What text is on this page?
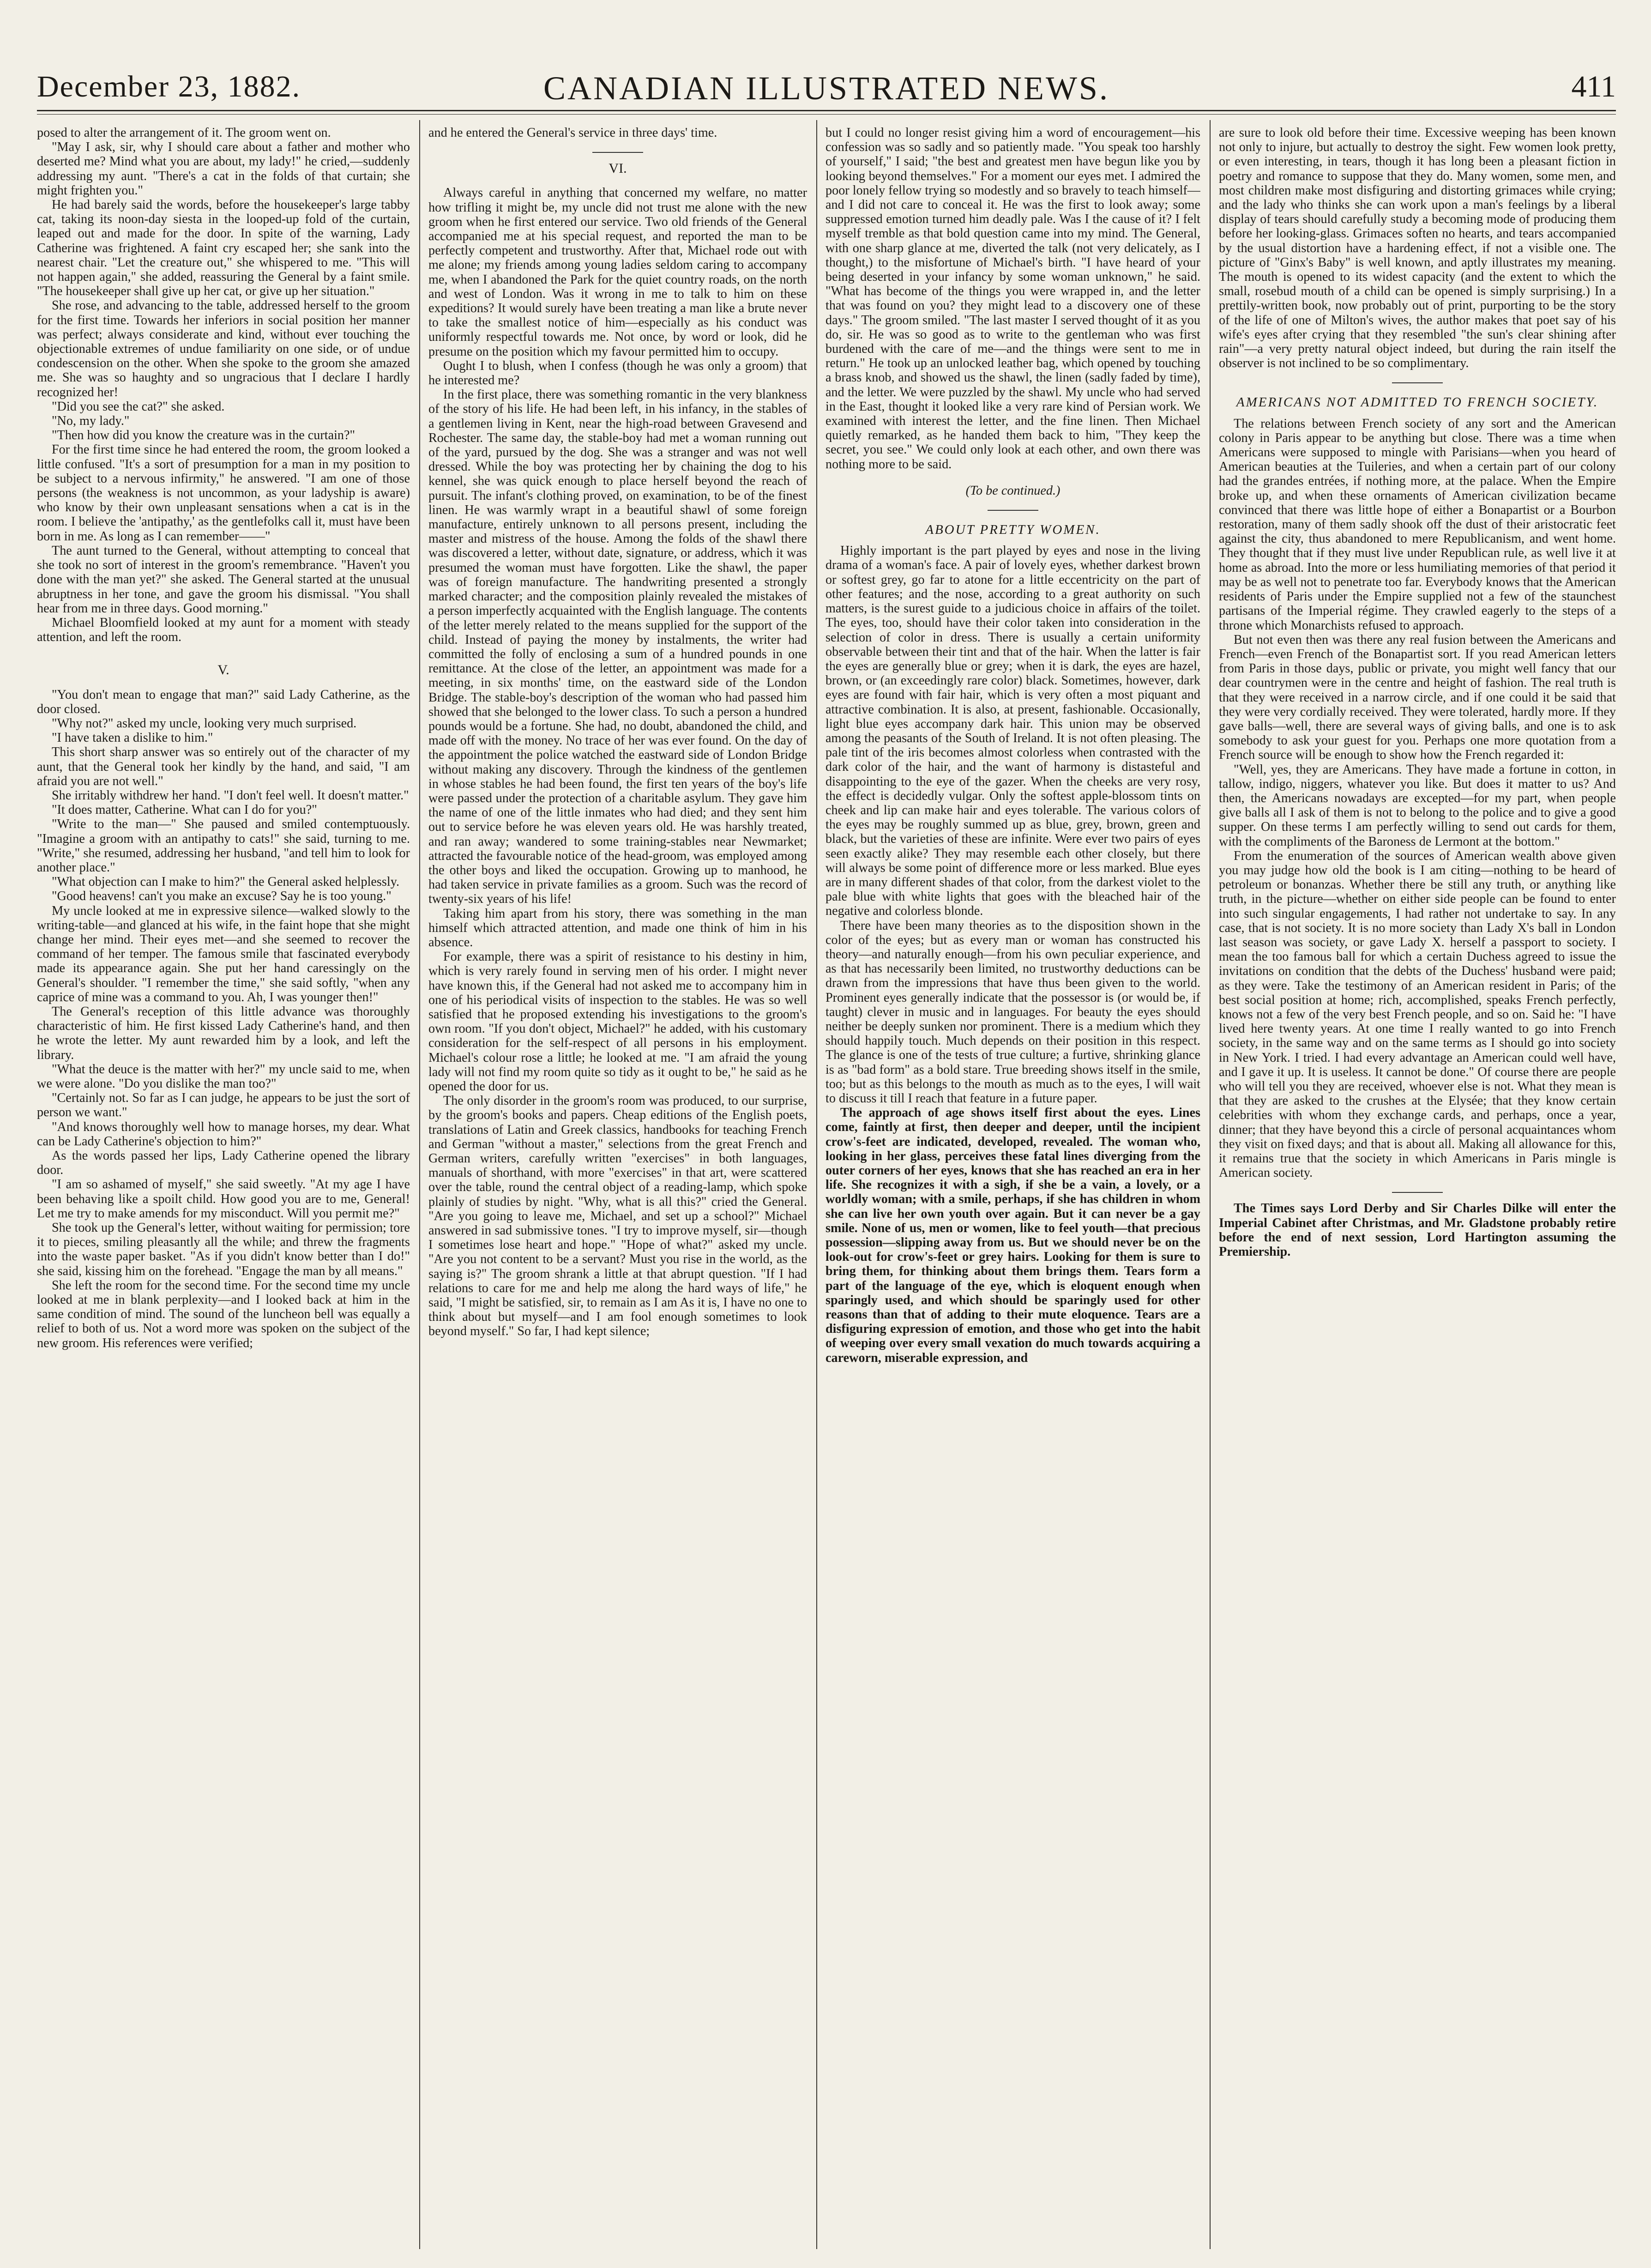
CANADIAN ILLUSTRATED NEWS.
December 23, 1882.	411

posed to alter the arrangement of it. The groom went on.

"May I ask, sir, why I should care about a father and mother who deserted me? Mind what you are about, my lady!" he cried,—suddenly addressing my aunt. "There's a cat in the folds of that curtain; she might frighten you."

He had barely said the words, before the housekeeper's large tabby cat, taking its noon-day siesta in the looped-up fold of the curtain, leaped out and made for the door. In spite of the warning, Lady Catherine was frightened. A faint cry escaped her; she sank into the nearest chair. "Let the creature out," she whispered to me. "This will not happen again," she added, reassuring the General by a faint smile. "The housekeeper shall give up her cat, or give up her situation."

She rose, and advancing to the table, addressed herself to the groom for the first time. Towards her inferiors in social position her manner was perfect; always considerate and kind, without ever touching the objectionable extremes of undue familiarity on one side, or of undue condescension on the other. When she spoke to the groom she amazed me. She was so haughty and so ungracious that I declare I hardly recognized her!

"Did you see the cat?" she asked.

"No, my lady."

"Then how did you know the creature was in the curtain?"

For the first time since he had entered the room, the groom looked a little confused. "It's a sort of presumption for a man in my position to be subject to a nervous infirmity," he answered. "I am one of those persons (the weakness is not uncommon, as your ladyship is aware) who know by their own unpleasant sensations when a cat is in the room. I believe the 'antipathy,' as the gentlefolks call it, must have been born in me. As long as I can remember——"

The aunt turned to the General, without attempting to conceal that she took no sort of interest in the groom's remembrance. "Haven't you done with the man yet?" she asked. The General started at the unusual abruptness in her tone, and gave the groom his dismissal. "You shall hear from me in three days. Good morning."

Michael Bloomfield looked at my aunt for a moment with steady attention, and left the room.

V.

"You don't mean to engage that man?" said Lady Catherine, as the door closed.

"Why not?" asked my uncle, looking very much surprised.

"I have taken a dislike to him."

This short sharp answer was so entirely out of the character of my aunt, that the General took her kindly by the hand, and said, "I am afraid you are not well."

She irritably withdrew her hand. "I don't feel well. It doesn't matter."

"It does matter, Catherine. What can I do for you?"

"Write to the man—" She paused and smiled contemptuously. "Imagine a groom with an antipathy to cats!" she said, turning to me. "Write," she resumed, addressing her husband, "and tell him to look for another place."

"What objection can I make to him?" the General asked helplessly.

"Good heavens! can't you make an excuse? Say he is too young."

My uncle looked at me in expressive silence—walked slowly to the writing-table—and glanced at his wife, in the faint hope that she might change her mind. Their eyes met—and she seemed to recover the command of her temper. The famous smile that fascinated everybody made its appearance again. She put her hand caressingly on the General's shoulder. "I remember the time," she said softly, "when any caprice of mine was a command to you. Ah, I was younger then!"

The General's reception of this little advance was thoroughly characteristic of him. He first kissed Lady Catherine's hand, and then he wrote the letter. My aunt rewarded him by a look, and left the library.

"What the deuce is the matter with her?" my uncle said to me, when we were alone. "Do you dislike the man too?"

"Certainly not. So far as I can judge, he appears to be just the sort of person we want."

"And knows thoroughly well how to manage horses, my dear. What can be Lady Catherine's objection to him?"

As the words passed her lips, Lady Catherine opened the library door.

"I am so ashamed of myself," she said sweetly. "At my age I have been behaving like a spoilt child. How good you are to me, General! Let me try to make amends for my misconduct. Will you permit me?"

She took up the General's letter, without waiting for permission; tore it to pieces, smiling pleasantly all the while; and threw the fragments into the waste paper basket. "As if you didn't know better than I do!" she said, kissing him on the forehead. "Engage the man by all means."

She left the room for the second time. For the second time my uncle looked at me in blank perplexity—and I looked back at him in the same condition of mind. The sound of the luncheon bell was equally a relief to both of us. Not a word more was spoken on the subject of the new groom. His references were verified;

and he entered the General's service in three days' time.

VI.

Always careful in anything that concerned my welfare, no matter how trifling it might be, my uncle did not trust me alone with the new groom when he first entered our service. Two old friends of the General accompanied me at his special request, and reported the man to be perfectly competent and trustworthy. After that, Michael rode out with me alone; my friends among young ladies seldom caring to accompany me, when I abandoned the Park for the quiet country roads, on the north and west of London. Was it wrong in me to talk to him on these expeditions? It would surely have been treating a man like a brute never to take the smallest notice of him—especially as his conduct was uniformly respectful towards me. Not once, by word or look, did he presume on the position which my favour permitted him to occupy.

Ought I to blush, when I confess (though he was only a groom) that he interested me?

In the first place, there was something romantic in the very blankness of the story of his life. He had been left, in his infancy, in the stables of a gentlemen living in Kent, near the high-road between Gravesend and Rochester. The same day, the stable-boy had met a woman running out of the yard, pursued by the dog. She was a stranger and was not well dressed. While the boy was protecting her by chaining the dog to his kennel, she was quick enough to place herself beyond the reach of pursuit. The infant's clothing proved, on examination, to be of the finest linen. He was warmly wrapt in a beautiful shawl of some foreign manufacture, entirely unknown to all persons present, including the master and mistress of the house. Among the folds of the shawl there was discovered a letter, without date, signature, or address, which it was presumed the woman must have forgotten. Like the shawl, the paper was of foreign manufacture. The handwriting presented a strongly marked character; and the composition plainly revealed the mistakes of a person imperfectly acquainted with the English language. The contents of the letter merely related to the means supplied for the support of the child. Instead of paying the money by instalments, the writer had committed the folly of enclosing a sum of a hundred pounds in one remittance. At the close of the letter, an appointment was made for a meeting, in six months' time, on the eastward side of the London Bridge. The stable-boy's description of the woman who had passed him showed that she belonged to the lower class. To such a person a hundred pounds would be a fortune. She had, no doubt, abandoned the child, and made off with the money. No trace of her was ever found. On the day of the appointment the police watched the eastward side of London Bridge without making any discovery. Through the kindness of the gentlemen in whose stables he had been found, the first ten years of the boy's life were passed under the protection of a charitable asylum. They gave him the name of one of the little inmates who had died; and they sent him out to service before he was eleven years old. He was harshly treated, and ran away; wandered to some training-stables near Newmarket; attracted the favourable notice of the head-groom, was employed among the other boys and liked the occupation. Growing up to manhood, he had taken service in private families as a groom. Such was the record of twenty-six years of his life!

Taking him apart from his story, there was something in the man himself which attracted attention, and made one think of him in his absence.

For example, there was a spirit of resistance to his destiny in him, which is very rarely found in serving men of his order. I might never have known this, if the General had not asked me to accompany him in one of his periodical visits of inspection to the stables. He was so well satisfied that he proposed extending his investigations to the groom's own room. "If you don't object, Michael?" he added, with his customary consideration for the self-respect of all persons in his employment. Michael's colour rose a little; he looked at me. "I am afraid the young lady will not find my room quite so tidy as it ought to be," he said as he opened the door for us.

The only disorder in the groom's room was produced, to our surprise, by the groom's books and papers. Cheap editions of the English poets, translations of Latin and Greek classics, handbooks for teaching French and German "without a master," selections from the great French and German writers, carefully written "exercises" in both languages, manuals of shorthand, with more "exercises" in that art, were scattered over the table, round the central object of a reading-lamp, which spoke plainly of studies by night. "Why, what is all this?" cried the General. "Are you going to leave me, Michael, and set up a school?" Michael answered in sad submissive tones. "I try to improve myself, sir—though I sometimes lose heart and hope." "Hope of what?" asked my uncle. "Are you not content to be a servant? Must you rise in the world, as the saying is?" The groom shrank a little at that abrupt question. "If I had relations to care for me and help me along the hard ways of life," he said, "I might be satisfied, sir, to remain as I am As it is, I have no one to think about but myself—and I am fool enough sometimes to look beyond myself." So far, I had kept silence;

but I could no longer resist giving him a word of encouragement—his confession was so sadly and so patiently made. "You speak too harshly of yourself," I said; "the best and greatest men have begun like you by looking beyond themselves." For a moment our eyes met. I admired the poor lonely fellow trying so modestly and so bravely to teach himself—and I did not care to conceal it. He was the first to look away; some suppressed emotion turned him deadly pale. Was I the cause of it? I felt myself tremble as that bold question came into my mind. The General, with one sharp glance at me, diverted the talk (not very delicately, as I thought,) to the misfortune of Michael's birth. "I have heard of your being deserted in your infancy by some woman unknown," he said. "What has become of the things you were wrapped in, and the letter that was found on you? they might lead to a discovery one of these days." The groom smiled. "The last master I served thought of it as you do, sir. He was so good as to write to the gentleman who was first burdened with the care of me—and the things were sent to me in return." He took up an unlocked leather bag, which opened by touching a brass knob, and showed us the shawl, the linen (sadly faded by time), and the letter. We were puzzled by the shawl. My uncle who had served in the East, thought it looked like a very rare kind of Persian work. We examined with interest the letter, and the fine linen. Then Michael quietly remarked, as he handed them back to him, "They keep the secret, you see." We could only look at each other, and own there was nothing more to be said.

(To be continued.)
ABOUT PRETTY WOMEN.

Highly important is the part played by eyes and nose in the living drama of a woman's face. A pair of lovely eyes, whether darkest brown or softest grey, go far to atone for a little eccentricity on the part of other features; and the nose, according to a great authority on such matters, is the surest guide to a judicious choice in affairs of the toilet. The eyes, too, should have their color taken into consideration in the selection of color in dress. There is usually a certain uniformity observable between their tint and that of the hair. When the latter is fair the eyes are generally blue or grey; when it is dark, the eyes are hazel, brown, or (an exceedingly rare color) black. Sometimes, however, dark eyes are found with fair hair, which is very often a most piquant and attractive combination. It is also, at present, fashionable. Occasionally, light blue eyes accompany dark hair. This union may be observed among the peasants of the South of Ireland. It is not often pleasing. The pale tint of the iris becomes almost colorless when contrasted with the dark color of the hair, and the want of harmony is distasteful and disappointing to the eye of the gazer. When the cheeks are very rosy, the effect is decidedly vulgar. Only the softest apple-blossom tints on cheek and lip can make hair and eyes tolerable. The various colors of the eyes may be roughly summed up as blue, grey, brown, green and black, but the varieties of these are infinite. Were ever two pairs of eyes seen exactly alike? They may resemble each other closely, but there will always be some point of difference more or less marked. Blue eyes are in many different shades of that color, from the darkest violet to the pale blue with white lights that goes with the bleached hair of the negative and colorless blonde.

There have been many theories as to the disposition shown in the color of the eyes; but as every man or woman has constructed his theory—and naturally enough—from his own peculiar experience, and as that has necessarily been limited, no trustworthy deductions can be drawn from the impressions that have thus been given to the world. Prominent eyes generally indicate that the possessor is (or would be, if taught) clever in music and in languages. For beauty the eyes should neither be deeply sunken nor prominent. There is a medium which they should happily touch. Much depends on their position in this respect. The glance is one of the tests of true culture; a furtive, shrinking glance is as "bad form" as a bold stare. True breeding shows itself in the smile, too; but as this belongs to the mouth as much as to the eyes, I will wait to discuss it till I reach that feature in a future paper.

The approach of age shows itself first about the eyes. Lines come, faintly at first, then deeper and deeper, until the incipient crow's-feet are indicated, developed, revealed. The woman who, looking in her glass, perceives these fatal lines diverging from the outer corners of her eyes, knows that she has reached an era in her life. She recognizes it with a sigh, if she be a vain, a lovely, or a worldly woman; with a smile, perhaps, if she has children in whom she can live her own youth over again. But it can never be a gay smile. None of us, men or women, like to feel youth—that precious possession—slipping away from us. But we should never be on the look-out for crow's-feet or grey hairs. Looking for them is sure to bring them, for thinking about them brings them. Tears form a part of the language of the eye, which is eloquent enough when sparingly used, and which should be sparingly used for other reasons than that of adding to their mute eloquence. Tears are a disfiguring expression of emotion, and those who get into the habit of weeping over every small vexation do much towards acquiring a careworn, miserable expression, and

are sure to look old before their time. Excessive weeping has been known not only to injure, but actually to destroy the sight. Few women look pretty, or even interesting, in tears, though it has long been a pleasant fiction in poetry and romance to suppose that they do. Many women, some men, and most children make most disfiguring and distorting grimaces while crying; and the lady who thinks she can work upon a man's feelings by a liberal display of tears should carefully study a becoming mode of producing them before her looking-glass. Grimaces soften no hearts, and tears accompanied by the usual distortion have a hardening effect, if not a visible one. The picture of "Ginx's Baby" is well known, and aptly illustrates my meaning. The mouth is opened to its widest capacity (and the extent to which the small, rosebud mouth of a child can be opened is simply surprising.) In a prettily-written book, now probably out of print, purporting to be the story of the life of one of Milton's wives, the author makes that poet say of his wife's eyes after crying that they resembled "the sun's clear shining after rain"—a very pretty natural object indeed, but during the rain itself the observer is not inclined to be so complimentary.

AMERICANS NOT ADMITTED TO FRENCH SOCIETY.

The relations between French society of any sort and the American colony in Paris appear to be anything but close. There was a time when Americans were supposed to mingle with Parisians—when you heard of American beauties at the Tuileries, and when a certain part of our colony had the grandes entrées, if nothing more, at the palace. When the Empire broke up, and when these ornaments of American civilization became convinced that there was little hope of either a Bonapartist or a Bourbon restoration, many of them sadly shook off the dust of their aristocratic feet against the city, thus abandoned to mere Republicanism, and went home. They thought that if they must live under Republican rule, as well live it at home as abroad. Into the more or less humiliating memories of that period it may be as well not to penetrate too far. Everybody knows that the American residents of Paris under the Empire supplied not a few of the staunchest partisans of the Imperial régime. They crawled eagerly to the steps of a throne which Monarchists refused to approach.

But not even then was there any real fusion between the Americans and French—even French of the Bonapartist sort. If you read American letters from Paris in those days, public or private, you might well fancy that our dear countrymen were in the centre and height of fashion. The real truth is that they were received in a narrow circle, and if one could it be said that they were very cordially received. They were tolerated, hardly more. If they gave balls—well, there are several ways of giving balls, and one is to ask somebody to ask your guest for you. Perhaps one more quotation from a French source will be enough to show how the French regarded it:

"Well, yes, they are Americans. They have made a fortune in cotton, in tallow, indigo, niggers, whatever you like. But does it matter to us? And then, the Americans nowadays are excepted—for my part, when people give balls all I ask of them is not to belong to the police and to give a good supper. On these terms I am perfectly willing to send out cards for them, with the compliments of the Baroness de Lermont at the bottom."

From the enumeration of the sources of American wealth above given you may judge how old the book is I am citing—nothing to be heard of petroleum or bonanzas. Whether there be still any truth, or anything like truth, in the picture—whether on either side people can be found to enter into such singular engagements, I had rather not undertake to say. In any case, that is not society. It is no more society than Lady X's ball in London last season was society, or gave Lady X. herself a passport to society. I mean the too famous ball for which a certain Duchess agreed to issue the invitations on condition that the debts of the Duchess' husband were paid; as they were. Take the testimony of an American resident in Paris; of the best social position at home; rich, accomplished, speaks French perfectly, knows not a few of the very best French people, and so on. Said he: "I have lived here twenty years. At one time I really wanted to go into French society, in the same way and on the same terms as I should go into society in New York. I tried. I had every advantage an American could well have, and I gave it up. It is useless. It cannot be done." Of course there are people who will tell you they are received, whoever else is not. What they mean is that they are asked to the crushes at the Elysée; that they know certain celebrities with whom they exchange cards, and perhaps, once a year, dinner; that they have beyond this a circle of personal acquaintances whom they visit on fixed days; and that is about all. Making all allowance for this, it remains true that the society in which Americans in Paris mingle is American society.

The Times says Lord Derby and Sir Charles Dilke will enter the Imperial Cabinet after Christmas, and Mr. Gladstone probably retire before the end of next session, Lord Hartington assuming the Premiership.
